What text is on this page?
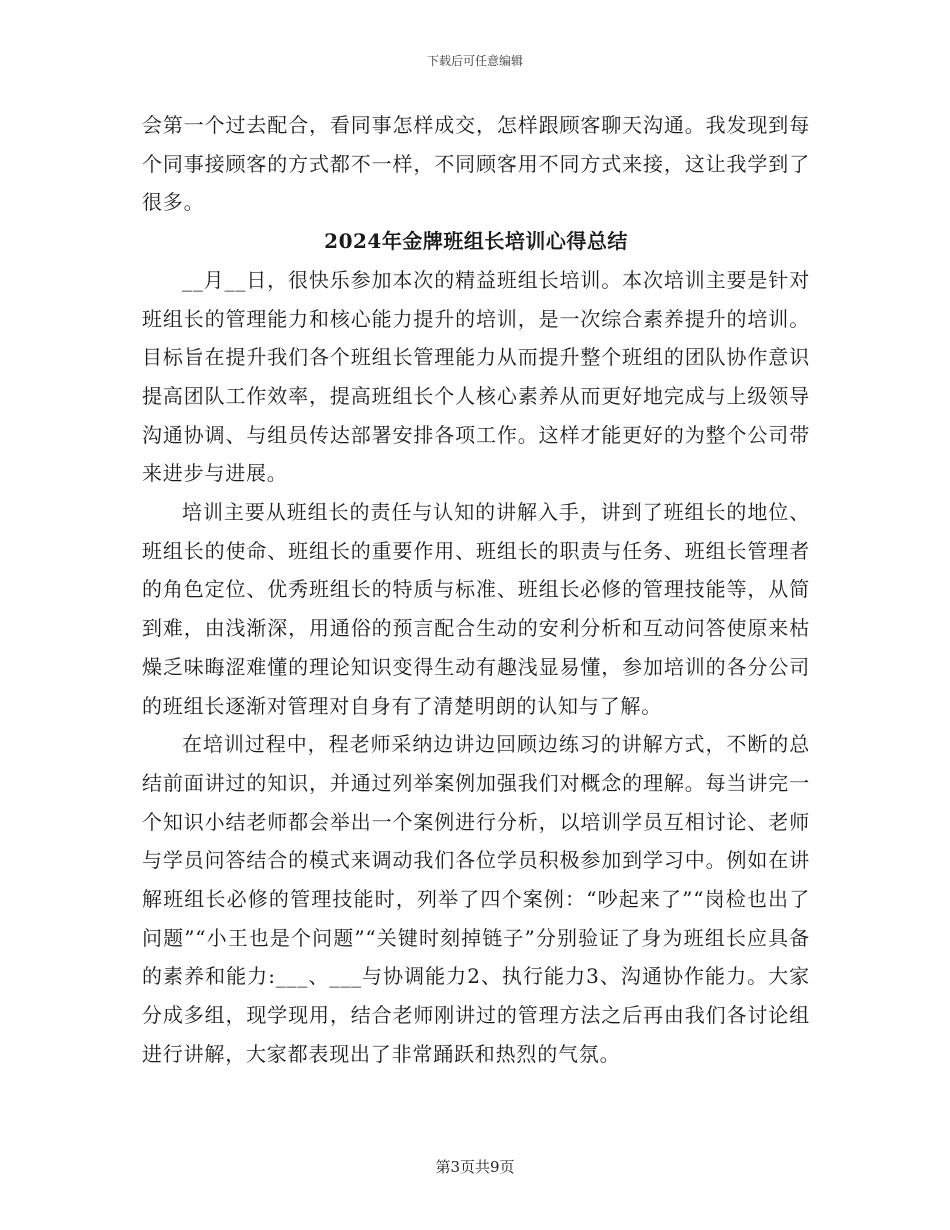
下载后可任意编辑

会第一个过去配合，看同事怎样成交，怎样跟顾客聊天沟通。我发现到每个同事接顾客的方式都不一样，不同顾客用不同方式来接，这让我学到了很多。

2024年金牌班组长培训心得总结

__月__日，很快乐参加本次的精益班组长培训。本次培训主要是针对班组长的管理能力和核心能力提升的培训，是一次综合素养提升的培训。目标旨在提升我们各个班组长管理能力从而提升整个班组的团队协作意识提高团队工作效率，提高班组长个人核心素养从而更好地完成与上级领导沟通协调、与组员传达部署安排各项工作。这样才能更好的为整个公司带来进步与进展。

培训主要从班组长的责任与认知的讲解入手，讲到了班组长的地位、班组长的使命、班组长的重要作用、班组长的职责与任务、班组长管理者的角色定位、优秀班组长的特质与标准、班组长必修的管理技能等，从简到难，由浅渐深，用通俗的预言配合生动的安利分析和互动问答使原来枯燥乏味晦涩难懂的理论知识变得生动有趣浅显易懂，参加培训的各分公司的班组长逐渐对管理对自身有了清楚明朗的认知与了解。

在培训过程中，程老师采纳边讲边回顾边练习的讲解方式，不断的总结前面讲过的知识，并通过列举案例加强我们对概念的理解。每当讲完一个知识小结老师都会举出一个案例进行分析，以培训学员互相讨论、老师与学员问答结合的模式来调动我们各位学员积极参加到学习中。例如在讲解班组长必修的管理技能时，列举了四个案例：“吵起来了”“岗检也出了问题”“小王也是个问题”“关键时刻掉链子”分别验证了身为班组长应具备的素养和能力:___、___与协调能力2、执行能力3、沟通协作能力。大家分成多组，现学现用，结合老师刚讲过的管理方法之后再由我们各讨论组进行讲解，大家都表现出了非常踊跃和热烈的气氛。

第3页共9页
